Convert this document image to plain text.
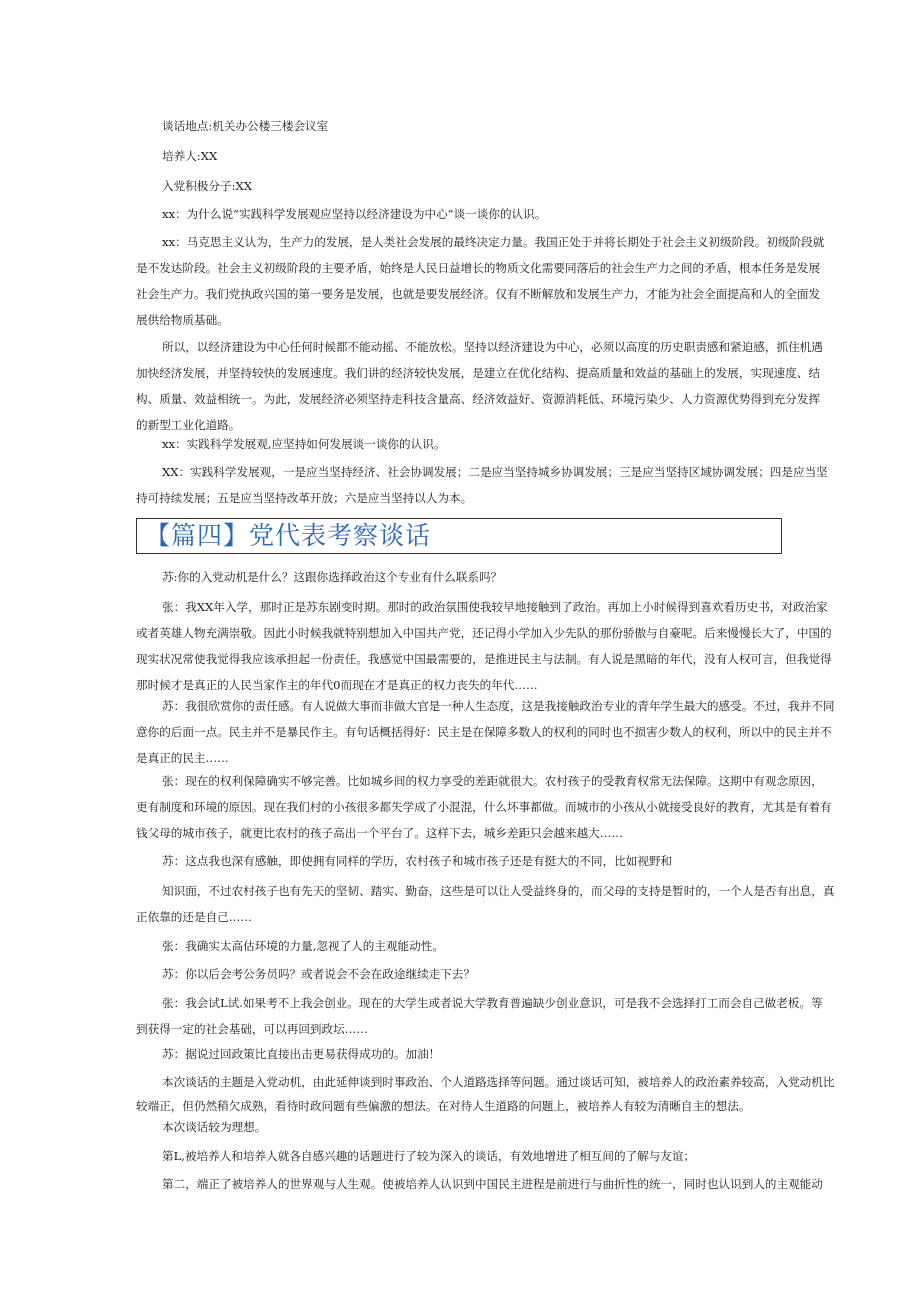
谈话地点:机关办公楼三楼会议室

培养人:XX

入党积极分子:XX

xx：为什么说“实践科学发展观应坚持以经济建设为中心”谈一谈你的认识。

xx：马克思主义认为，生产力的发展，是人类社会发展的最终决定力量。我国正处于并将长期处于社会主义初级阶段。初级阶段就
是不发达阶段。社会主义初级阶段的主要矛盾，始终是人民日益增长的物质文化需要同落后的社会生产力之间的矛盾，根本任务是发展
社会生产力。我们党执政兴国的第一要务是发展，也就是要发展经济。仅有不断解放和发展生产力，才能为社会全面提高和人的全面发
展供给物质基础。
所以，以经济建设为中心任何时候都不能动摇、不能放松。坚持以经济建设为中心，必须以高度的历史职责感和紧迫感，抓住机遇
加快经济发展，并坚持较快的发展速度。我们讲的经济较快发展，是建立在优化结构、提高质量和效益的基础上的发展，实现速度、结
构、质量、效益相统一。为此，发展经济必须坚持走科技含量高、经济效益好、资源消耗低、环境污染少、人力资源优势得到充分发挥
的新型工业化道路。

xx：实践科学发展观,应坚持如何发展谈一谈你的认识。

XX：实践科学发展观，一是应当坚持经济、社会协调发展；二是应当坚持城乡协调发展；三是应当坚持区域协调发展；四是应当坚
持可持续发展；五是应当坚持改革开放；六是应当坚持以人为本。
【篇四】党代表考察谈话

苏:你的入党动机是什么？这跟你选择政治这个专业有什么联系吗？

张：我XX年入学，那时正是苏东剧变时期。那时的政治氛围使我较早地接触到了政治。再加上小时候得到喜欢看历史书，对政治家
或者英雄人物充满崇敬。因此小时候我就特别想加入中国共产党，还记得小学加入少先队的那份骄傲与自豪呢。后来慢慢长大了，中国的
现实状况常使我觉得我应该承担起一份责任。我感觉中国最需要的，是推进民主与法制。有人说是黑暗的年代，没有人权可言，但我觉得
那时候才是真正的人民当家作主的年代0而现在才是真正的权力丧失的年代……
苏：我很欣赏你的责任感。有人说做大事而非做大官是一种人生态度，这是我接触政治专业的青年学生最大的感受。不过，我并不同
意你的后面一点。民主并不是暴民作主。有句话概括得好：民主是在保障多数人的权利的同时也不损害少数人的权利，所以中的民主并不
是真正的民主……
张：现在的权利保障确实不够完善。比如城乡间的权力享受的差距就很大。农村孩子的受教育权常无法保障。这期中有观念原因，
更有制度和环境的原因。现在我们村的小孩很多都失学成了小混混，什么坏事都做。而城市的小孩从小就接受良好的教育，尤其是有着有
钱父母的城市孩子，就更比农村的孩子高出一个平台了。这样下去，城乡差距只会越来越大……

苏：这点我也深有感触，即使拥有同样的学历，农村孩子和城市孩子还是有挺大的不同，比如视野和

知识面，不过农村孩子也有先天的坚韧、踏实、勤奋，这些是可以让人受益终身的，而父母的支持是暂时的，一个人是否有出息，真
正依靠的还是自己……

张：我确实太高估环境的力量,忽视了人的主观能动性。

苏：你以后会考公务员吗？或者说会不会在政途继续走下去？

张：我会试L试.如果考不上我会创业。现在的大学生或者说大学教育普遍缺少创业意识，可是我不会选择打工而会自己做老板。等
到获得一定的社会基础，可以再回到政坛……

苏：据说过回政策比直接出击更易获得成功的。加油！

本次谈话的主题是入党动机，由此延伸谈到时事政治、个人道路选择等问题。通过谈话可知，被培养人的政治素养较高，入党动机比
较端正，但仍然稍欠成熟，看待时政问题有些偏激的想法。在对待人生道路的问题上，被培养人有较为清晰自主的想法。

本次谈话较为理想。

第L,被培养人和培养人就各自感兴趣的话题进行了较为深入的谈话，有效地增进了相互间的了解与友谊；

第二，端正了被培养人的世界观与人生观。使被培养人认识到中国民主进程是前进行与曲折性的统一，同时也认识到人的主观能动
